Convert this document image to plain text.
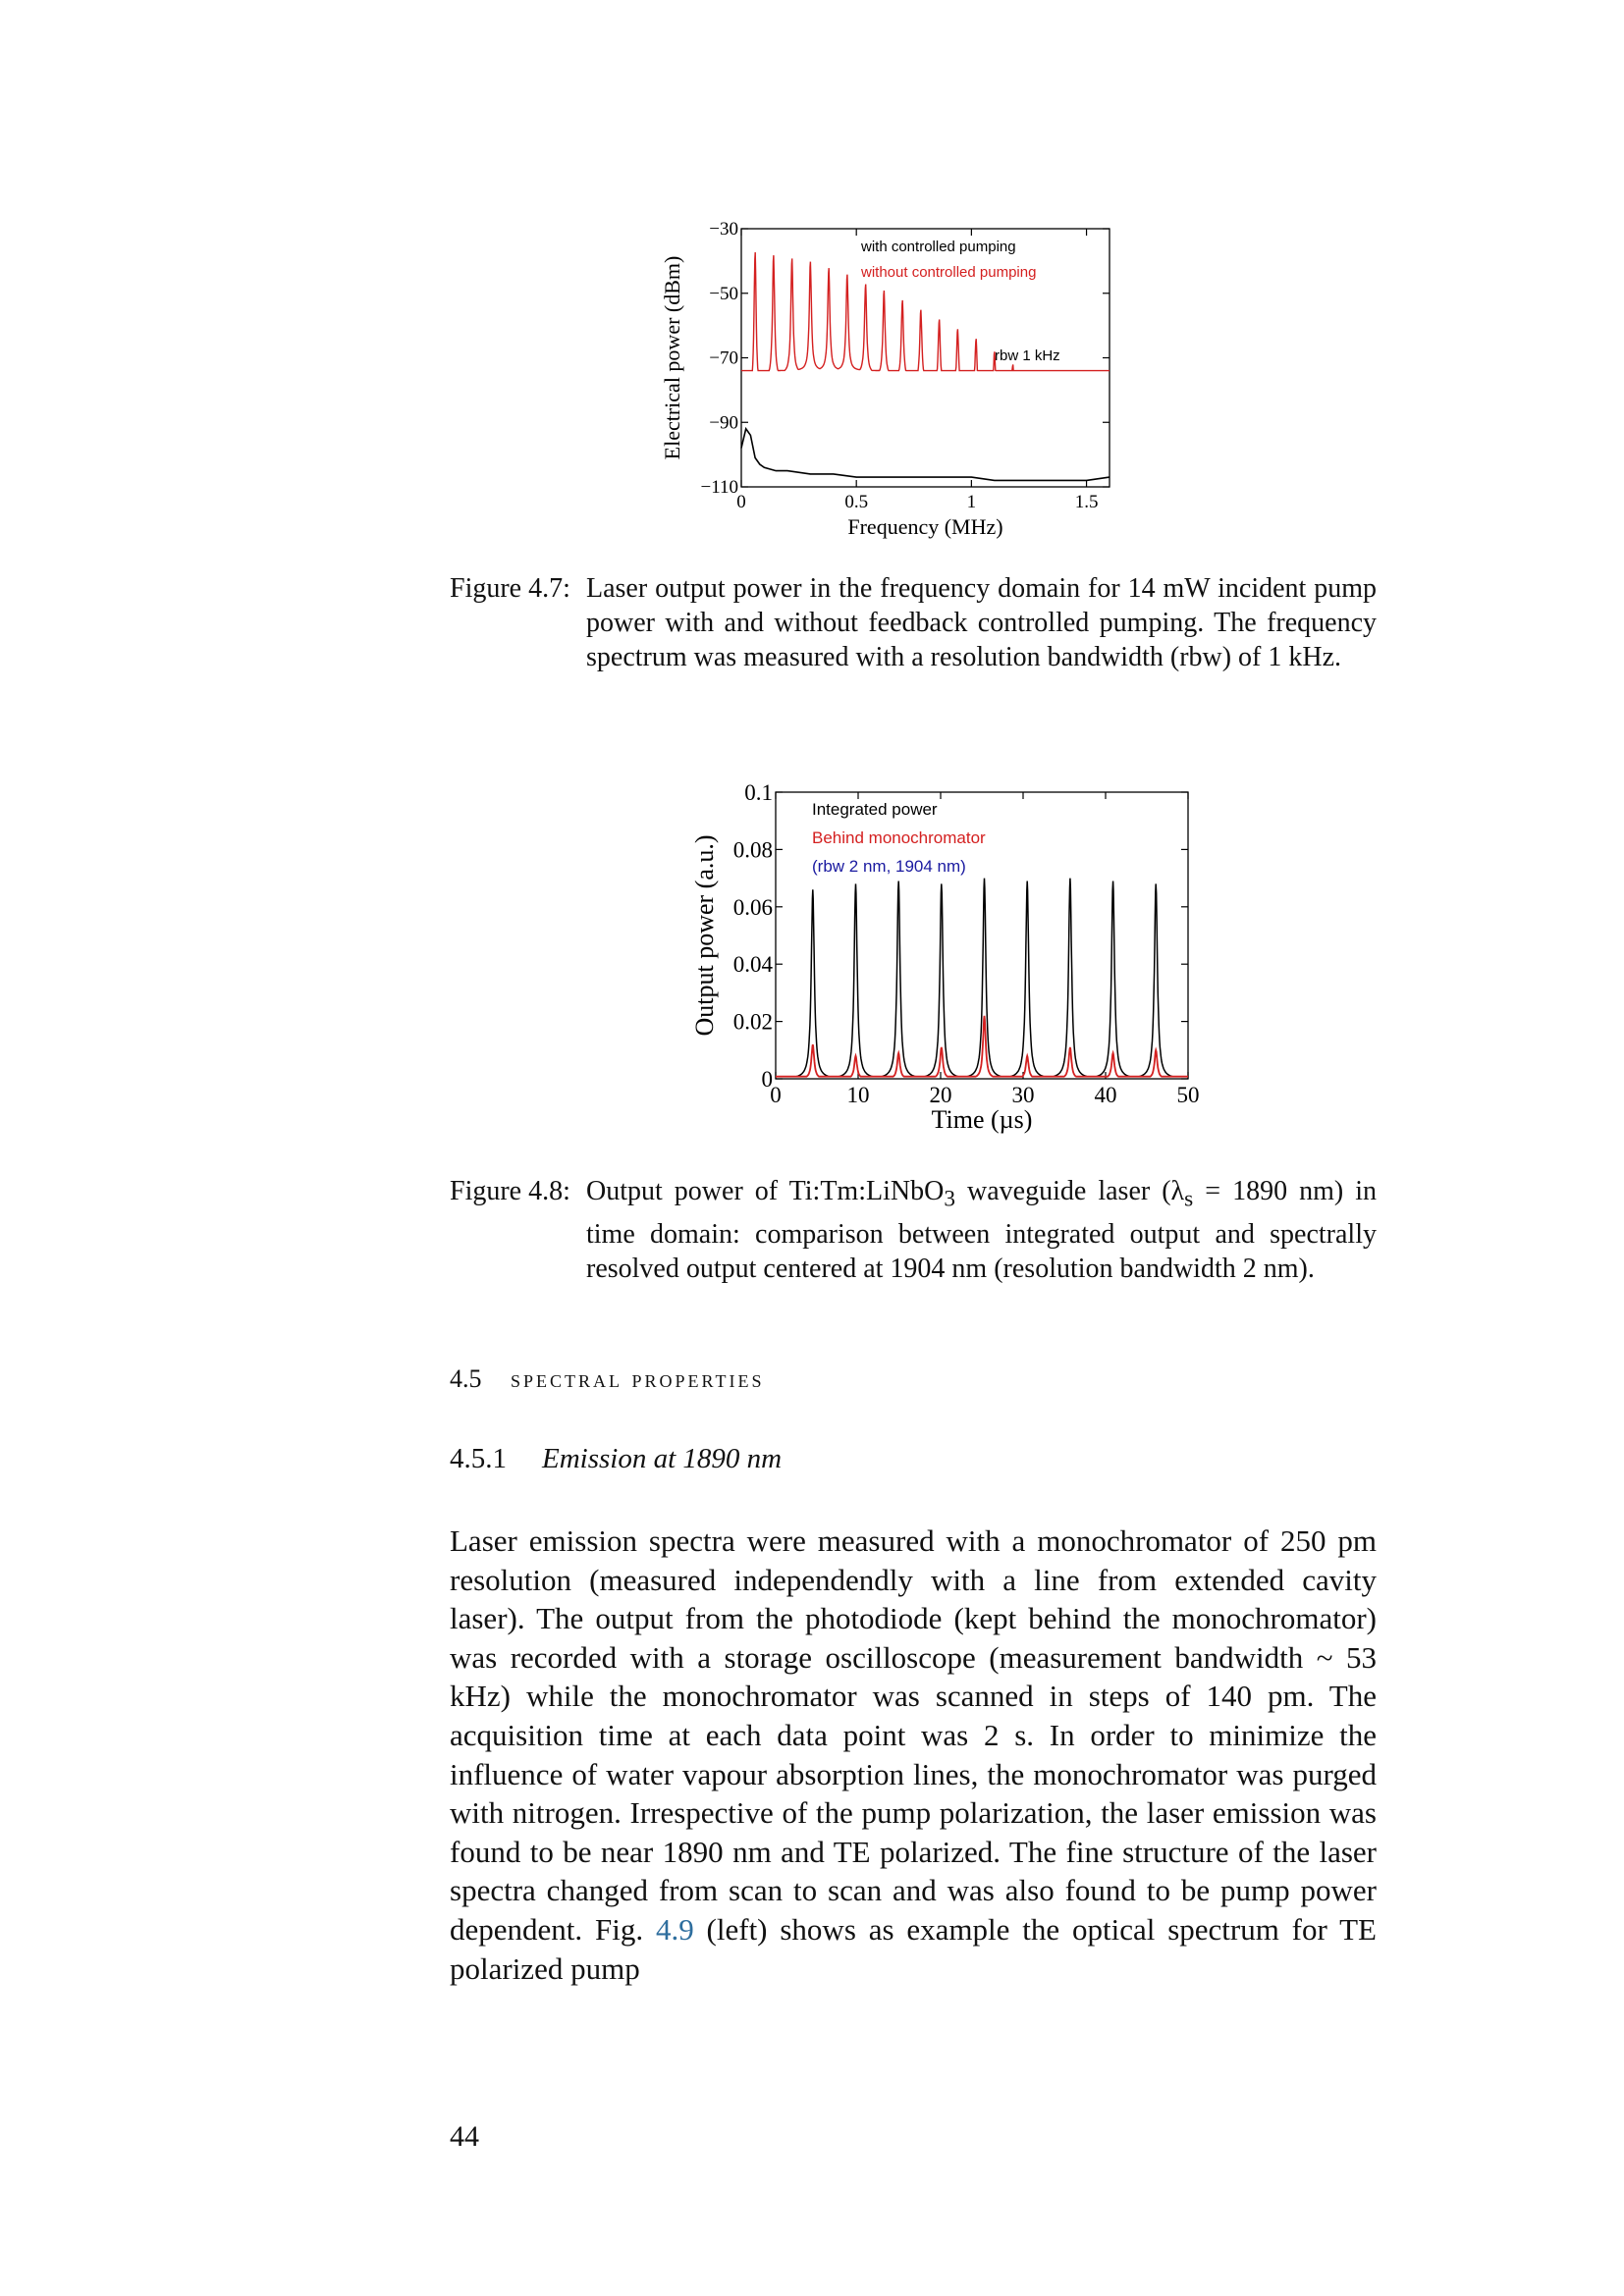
0	0.5	1	1.5
−30
−50
−70
−90
−110
Frequency (MHz)
Electrical power (dBm)
with controlled pumping
without controlled pumping
rbw 1 kHz
Figure 4.7: Laser output power in the frequency domain for 14 mW incident pump power with and without feedback controlled pumping. The frequency spectrum was measured with a resolution bandwidth (rbw) of 1 kHz.
0	10	20	30	40	50
0
0.02
0.04
0.06
0.08
0.1
Time (µs)
Output power (a.u.)
Integrated power
Behind monochromator
(rbw 2 nm, 1904 nm)
Figure 4.8: Output power of Ti:Tm:LiNbO$_3$ waveguide laser ($\lambda_s = 1890$ nm) in time domain: comparison between integrated output and spectrally resolved output centered at 1904 nm (resolution bandwidth 2 nm).
4.5 spectral properties
4.5.1 Emission at 1890 nm
Laser emission spectra were measured with a monochromator of 250 pm resolution (measured independendly with a line from extended cavity laser). The output from the photodiode (kept behind the monochromator) was recorded with a storage oscilloscope (measurement bandwidth ~ 53 kHz) while the monochromator was scanned in steps of 140 pm. The acquisition time at each data point was 2 s. In order to minimize the influence of water vapour absorption lines, the monochromator was purged with nitrogen. Irrespective of the pump polarization, the laser emission was found to be near 1890 nm and TE polarized. The fine structure of the laser spectra changed from scan to scan and was also found to be pump power dependent. Fig. 4.9 (left) shows as example the optical spectrum for TE polarized pump
44
